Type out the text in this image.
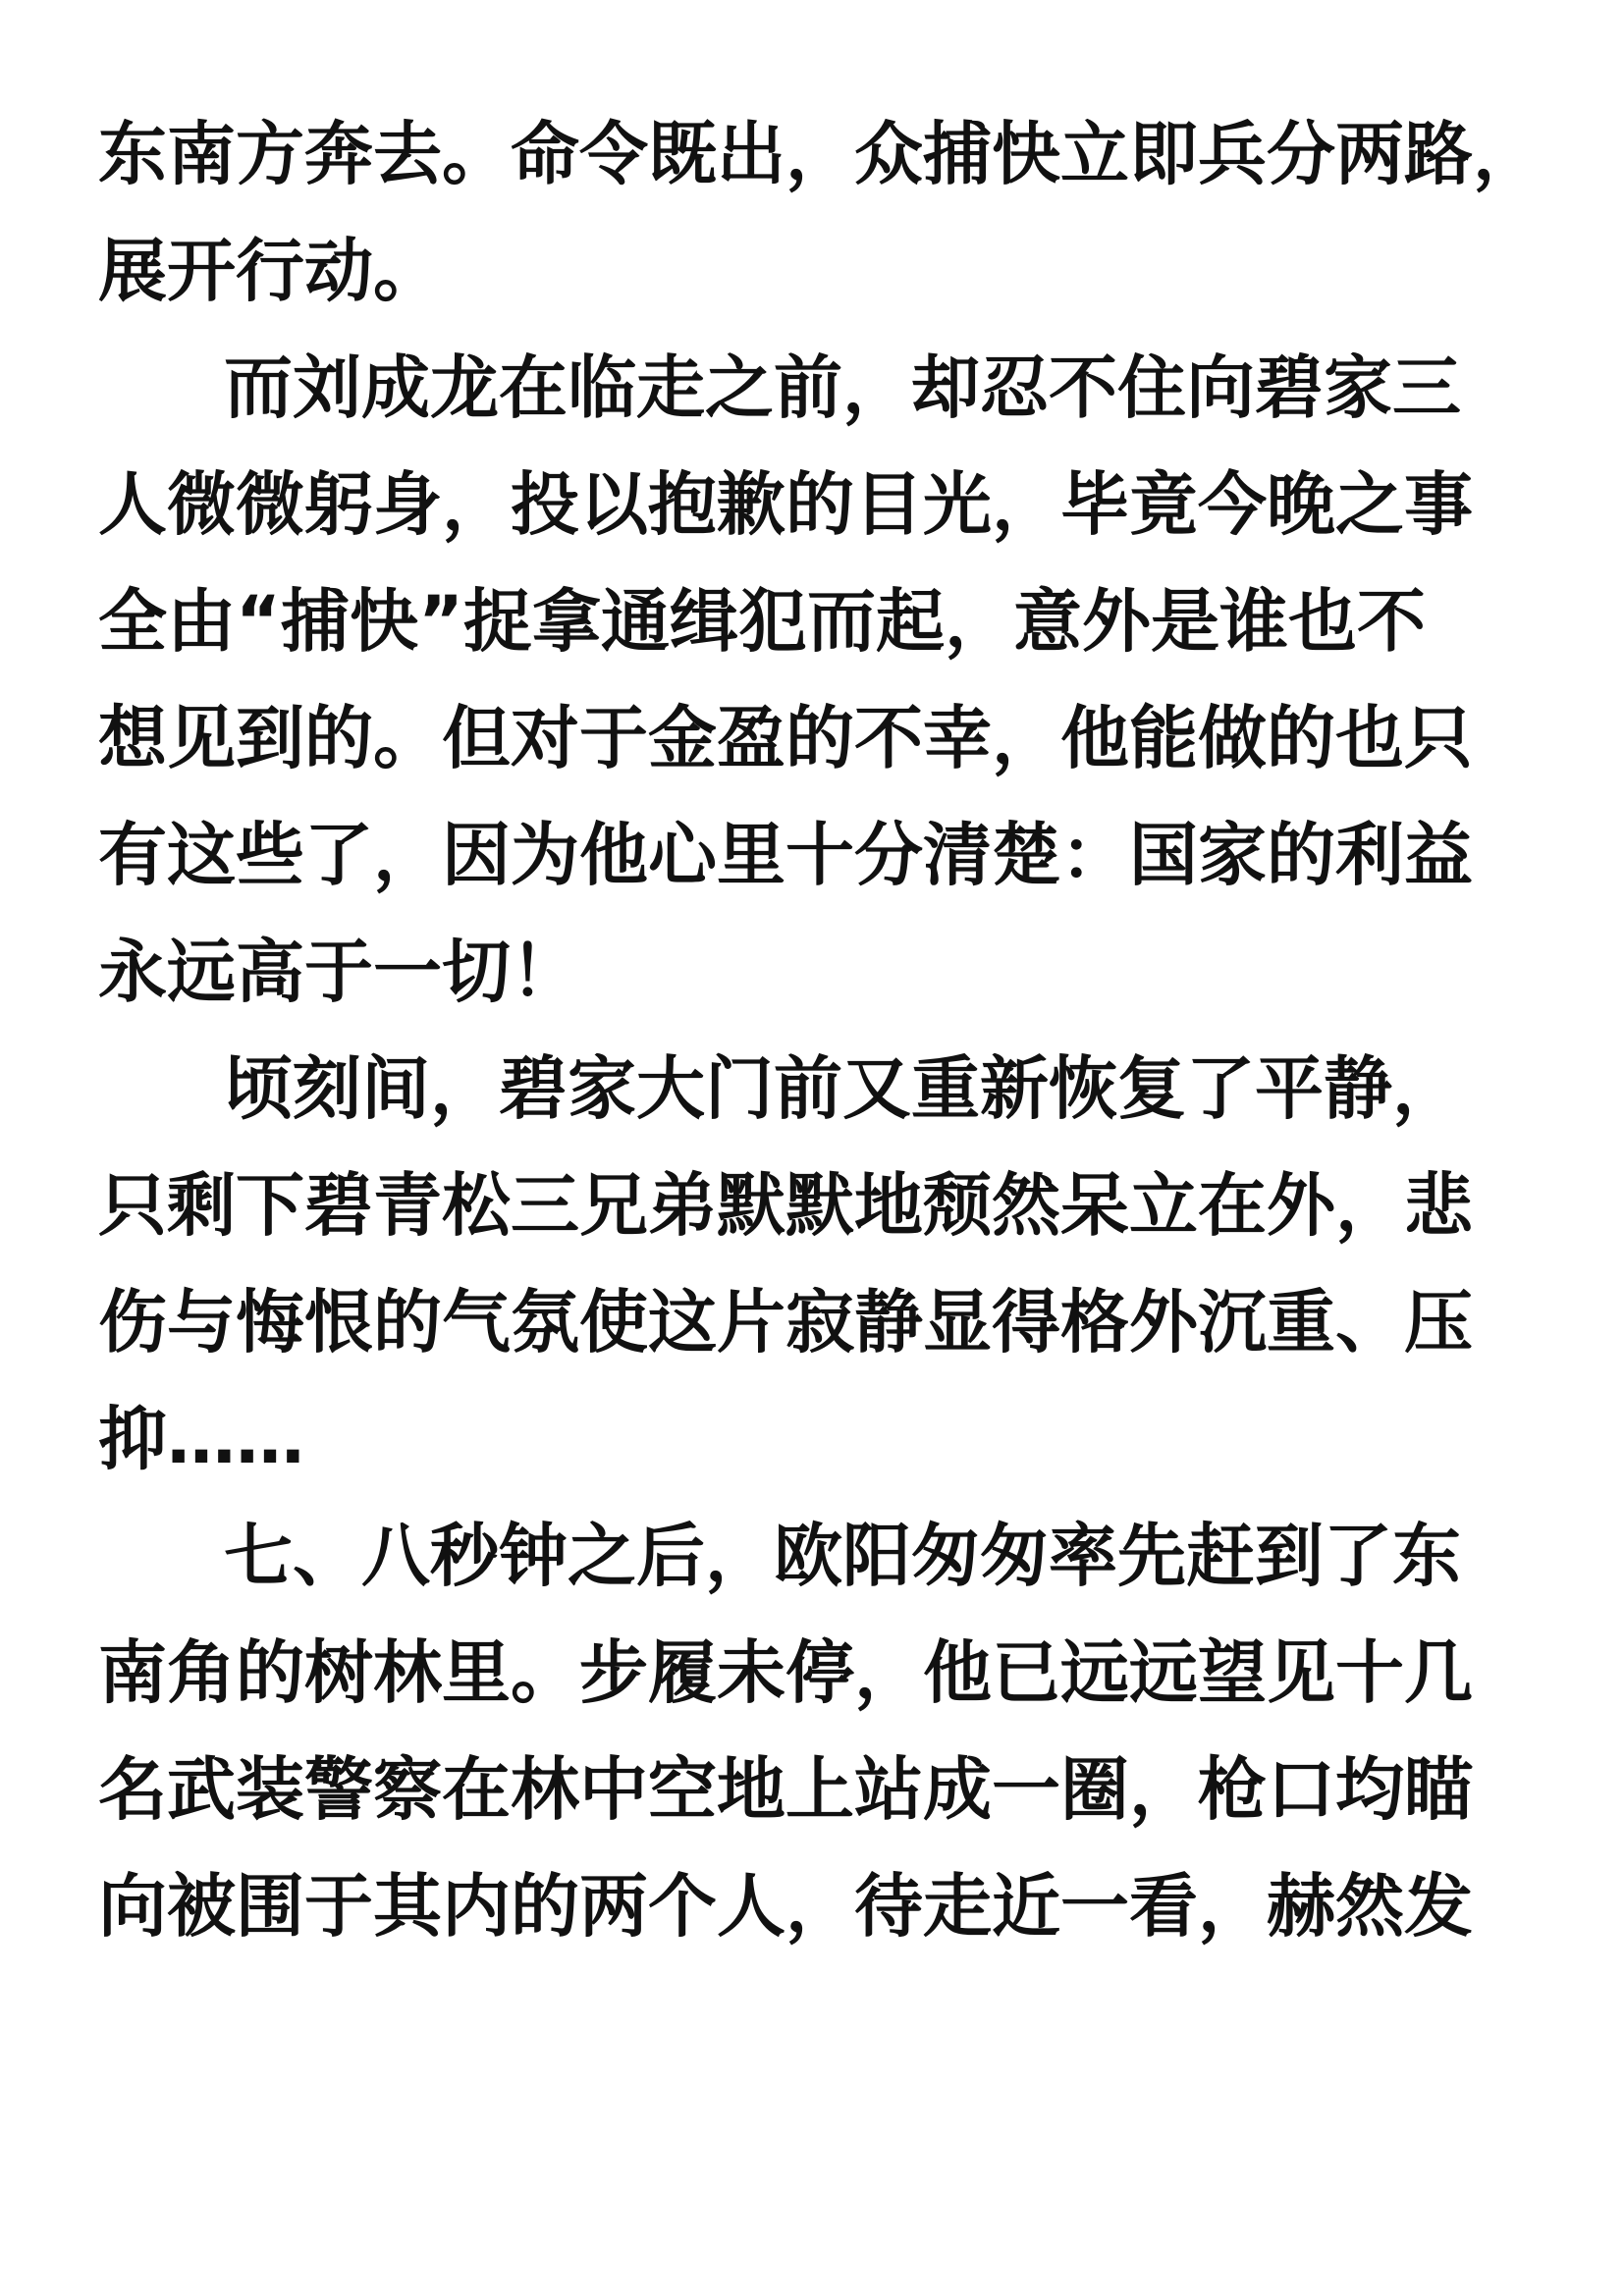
东南方奔去。命令既出，众捕快立即兵分两路，
展开行动。
而刘成龙在临走之前，却忍不住向碧家三
人微微躬身，投以抱歉的目光，毕竟今晚之事
全由“捕快”捉拿通缉犯而起，意外是谁也不
想见到的。但对于金盈的不幸，他能做的也只
有这些了，因为他心里十分清楚：国家的利益
永远高于一切！
顷刻间，碧家大门前又重新恢复了平静，
只剩下碧青松三兄弟默默地颓然呆立在外，悲
伤与悔恨的气氛使这片寂静显得格外沉重、压
抑……
七、八秒钟之后，欧阳匆匆率先赶到了东
南角的树林里。步履未停，他已远远望见十几
名武装警察在林中空地上站成一圈，枪口均瞄
向被围于其内的两个人，待走近一看，赫然发
